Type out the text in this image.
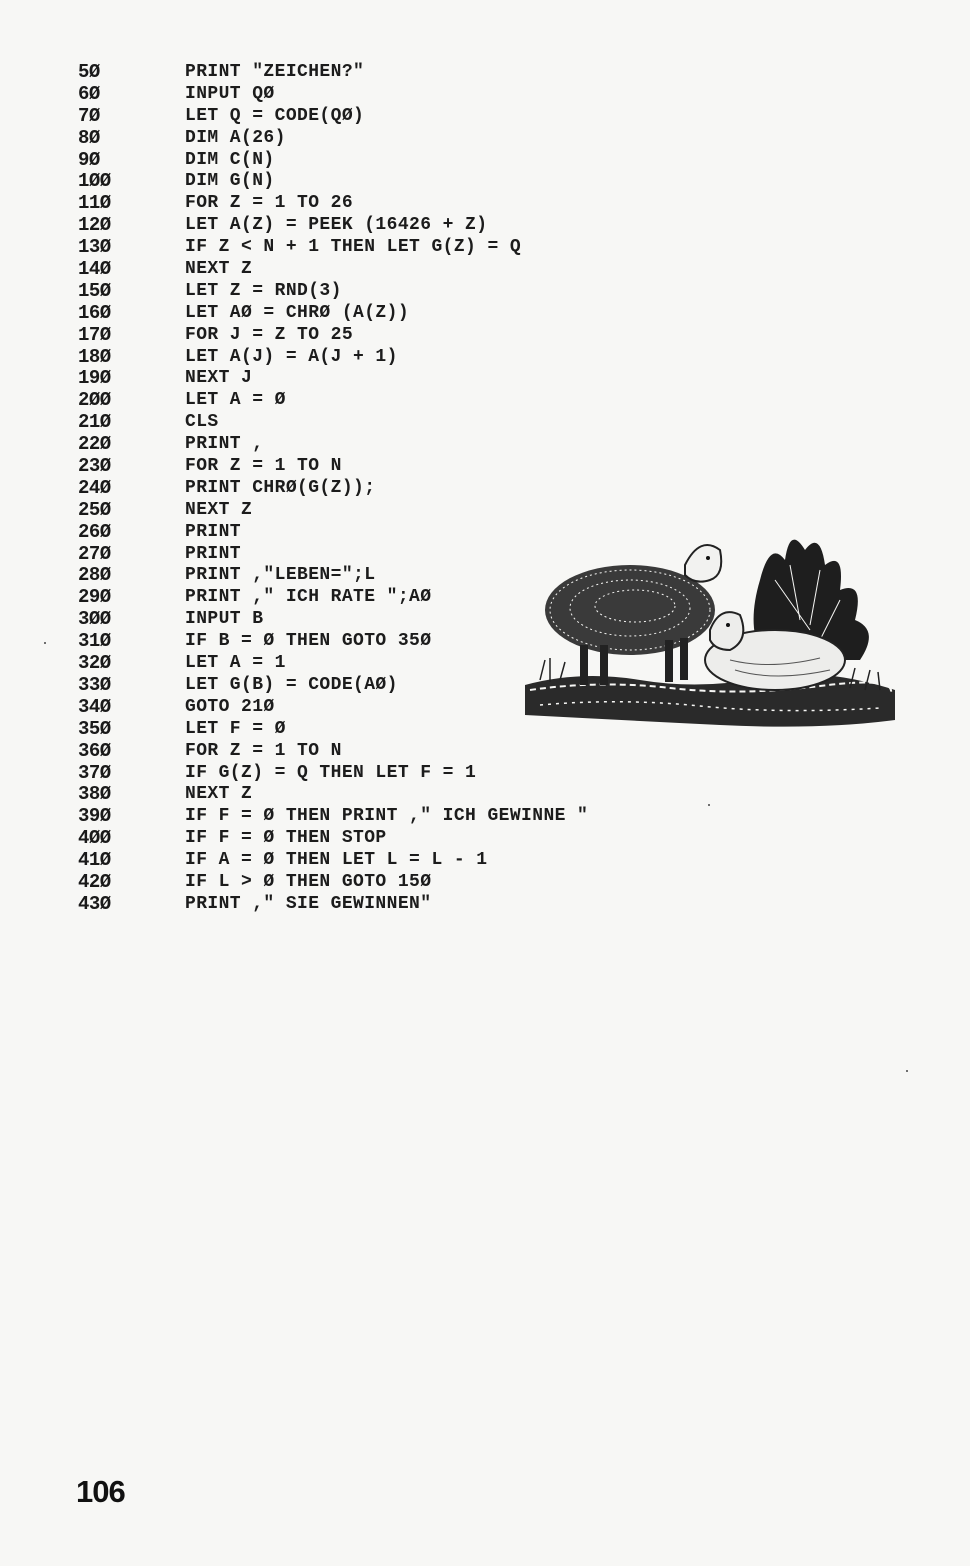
5Ø	PRINT "ZEICHEN?"
6Ø	INPUT QØ
7Ø	LET Q = CODE(QØ)
8Ø	DIM A(26)
9Ø	DIM C(N)
1ØØ	DIM G(N)
11Ø	FOR Z = 1 TO 26
12Ø	LET A(Z) = PEEK (16426 + Z)
13Ø	IF Z < N + 1 THEN LET G(Z) = Q
14Ø	NEXT Z
15Ø	LET Z = RND(3)
16Ø	LET AØ = CHRØ (A(Z))
17Ø	FOR J = Z TO 25
18Ø	LET A(J) = A(J + 1)
19Ø	NEXT J
2ØØ	LET A = Ø
21Ø	CLS
22Ø	PRINT ,
23Ø	FOR Z = 1 TO N
24Ø	PRINT CHRØ(G(Z));
25Ø	NEXT Z
26Ø	PRINT
27Ø	PRINT
28Ø	PRINT ,"LEBEN=";L
29Ø	PRINT ," ICH RATE ";AØ
3ØØ	INPUT B
31Ø	IF B = Ø THEN GOTO 35Ø
32Ø	LET A = 1
33Ø	LET G(B) = CODE(AØ)
34Ø	GOTO 21Ø
35Ø	LET F = Ø
36Ø	FOR Z = 1 TO N
37Ø	IF G(Z) = Q THEN LET F = 1
38Ø	NEXT Z
39Ø	IF F = Ø THEN PRINT ," ICH GEWINNE "
4ØØ	IF F = Ø THEN STOP
41Ø	IF A = Ø THEN LET L = L - 1
42Ø	IF L > Ø THEN GOTO 15Ø
43Ø	PRINT ," SIE GEWINNEN"
106
